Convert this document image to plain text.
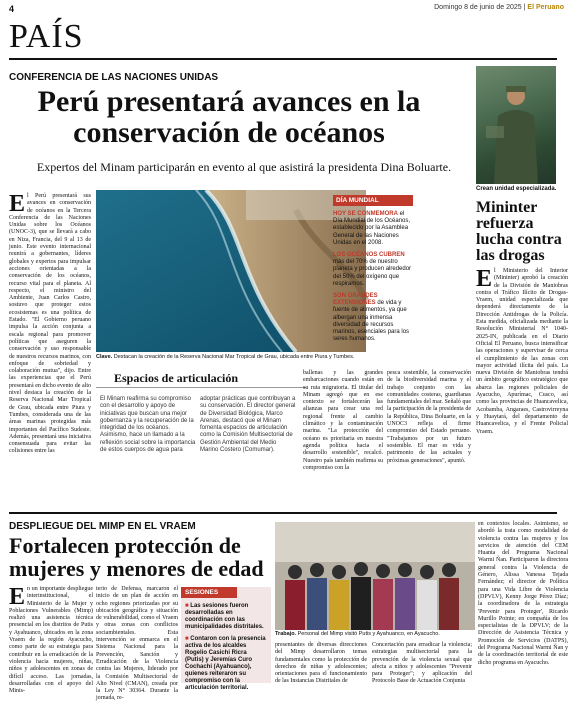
4	Domingo 8 de junio de 2025 | El Peruano
PAÍS
CONFERENCIA DE LAS NACIONES UNIDAS
Perú presentará avances en la conservación de océanos
Expertos del Minam participarán en evento al que asistirá la presidenta Dina Boluarte.
El Perú presentará sus avances en conservación de océanos en la Tercera Conferencia de las Naciones Unidas sobre los Océanos (UNOC-3), que se llevará a cabo en Niza, Francia, del 9 al 13 de junio. Este evento internacional reunirá a gobernantes, líderes globales y expertos para impulsar acciones orientadas a la conservación de los océanos, recurso vital para el planeta. Al respecto, el ministro del Ambiente, Juan Carlos Castro, sostuvo que proteger estos ecosistemas es una política de Estado. "El Gobierno peruano impulsa la acción conjunta a escala regional para promover políticas que aseguren la conservación y uso responsable de nuestros recursos marinos, con enfoque de sobriedad y colaboración mutua", dijo. Entre las experiencias que el Perú presentará en dicho evento de alto nivel destaca la creación de la Reserva Nacional Mar Tropical de Grau, ubicada entre Piura y Tumbes, considerada una de las áreas marinas protegidas más importantes del Pacífico Sudeste. Además, presentará una iniciativa consensuada para evitar las colisiones entre las
Clave. Destacan la creación de la Reserva Nacional Mar Tropical de Grau, ubicada entre Piura y Tumbes.
DÍA MUNDIAL
HOY SE CONMEMORA el Día Mundial de los Océanos, establecido por la Asamblea General de las Naciones Unidas en el 2008.
LOS OCÉANOS CUBREN más del 70% de nuestro planeta y producen alrededor del 50% del oxígeno que respiramos.
SON GRANDES EXTENSIONES de vida y fuente de alimentos, ya que albergan una inmensa diversidad de recursos marinos, esenciales para los seres humanos.
Espacios de articulación
El Minam reafirma su compromiso con el desarrollo y apoyo de iniciativas que buscan una mejor gobernanza y la recuperación de la integridad de los océanos. Asimismo, hace un llamado a la reflexión social sobre la importancia de estos cuerpos de agua para
adoptar prácticas que contribuyan a su conservación. El director general de Diversidad Biológica, Marco Arenas, destacó que el Minam fomenta espacios de articulación como la Comisión Multisectorial de Gestión Ambiental del Medio Marino Costero (Comumar).
ballenas y las grandes embarcaciones cuando están en su ruta migratoria. El titular del Minam agregó que en ese contexto se fortalecerán las alianzas para crear una red regional frente al cambio climático y la contaminación marina. "La protección del océano es prioritaria en nuestra agenda política hacia el desarrollo sostenible", recalcó. Nuestro país también reafirma su compromiso con la
pesca sostenible, la conservación de la biodiversidad marina y el trabajo conjunto con las comunidades costeras, guardianas fundamentales del mar. Señaló que la participación de la presidenta de la República, Dina Boluarte, en la UNOC3 refleja el firme compromiso del Estado peruano. "Trabajamos por un futuro sostenible. El mar es vida y patrimonio de las actuales y próximas generaciones", apuntó.
Crean unidad especializada.
Mininter refuerza lucha contra las drogas
El Ministerio del Interior (Mininter) aprobó la creación de la División de Maniobras contra el Tráfico Ilícito de Drogas-Vraem, unidad especializada que dependerá directamente de la Dirección Antidrogas de la Policía. Esta medida, oficializada mediante la Resolución Ministerial N° 1040-2025-IN, publicada en el Diario Oficial El Peruano, busca intensificar las operaciones y supervisar de cerca el cumplimiento de las zonas con mayor actividad ilícita del país. La nueva División de Maniobras tendrá un ámbito geográfico estratégico que abarca las regiones policiales de Ayacucho, Apurímac, Cusco, así como las provincias de Huancavelica, Acobamba, Angaraes, Castrovirreyna y Huaytará, del departamento de Huancavelica, y el Frente Policial Vraem.
DESPLIEGUE DEL MIMP EN EL VRAEM
Fortalecen protección de mujeres y menores de edad
En un importante despliegue interinstitucional, el Ministerio de la Mujer y Poblaciones Vulnerables (Mimp) realizó una asistencia técnica presencial en los distritos de Putis y Ayahuanco, ubicados en la zona Vraem de la región Ayacucho, como parte de su estrategia para contribuir en la erradicación de la violencia hacia mujeres, niñas, niños y adolescentes en zonas de difícil acceso. Las jornadas, desarrolladas con el apoyo del Minis-
terio de Defensa, marcaron el inicio de un plan de acción en ocho regiones priorizadas por su ubicación geográfica y situación de vulnerabilidad, como el Vraem y otras zonas con conflictos sociambientales. Esta intervención se enmarca en el Sistema Nacional para la Prevención, Sanción y Erradicación de la Violencia contra las Mujeres, liderado por la Comisión Multisectorial de Alto Nivel (CMAN), creada por la Ley N° 30364. Durante la jornada, re-
SESIONES
■ Las sesiones fueron desarrolladas en coordinación con las municipalidades distritales.
■ Contaron con la presencia activa de los alcaldes Rogelio Casichi Ricra (Putis) y Jeremías Curo Cochachi (Ayahuanco), quienes reiteraron su compromiso con la articulación territorial.
Trabajo. Personal del Mimp visitó Putis y Ayahuanco, en Ayacucho.
presentantes de diversas direcciones del Mimp desarrollaron temas fundamentales como la protección de derechos de niñas y adolescentes; orientaciones para el funcionamiento de las Instancias Distritales de
Concertación para erradicar la violencia; estrategias multisectorial para la prevención de la violencia sexual que afecta a niños y adolescentes "Prevenir para Proteger"; y aplicación del Protocolo Base de Actuación Conjunta
en contextos locales. Asimismo, se abordó la trata como modalidad de violencia contra las mujeres y los servicios de atención del CEM Huanta del Programa Nacional Warmi Ñan. Participaron la directora general contra la Violencia de Género, Alissa Vanessa Tejada Fernández; el director de Política para una Vida Libre de Violencia (DPVLV), Kenny Jorge Pérez Díaz; la coordinadora de la estrategia 'Prevenir para Proteger', Ricardo Murillo Pointe; en compañía de los especialistas de la DPVLV; de la Dirección de Asistencia Técnica y Promoción de Servicios (DATPS), del Programa Nacional Warmi Ñan y de la coordinación territorial de este dicho programa en Ayacucho.
